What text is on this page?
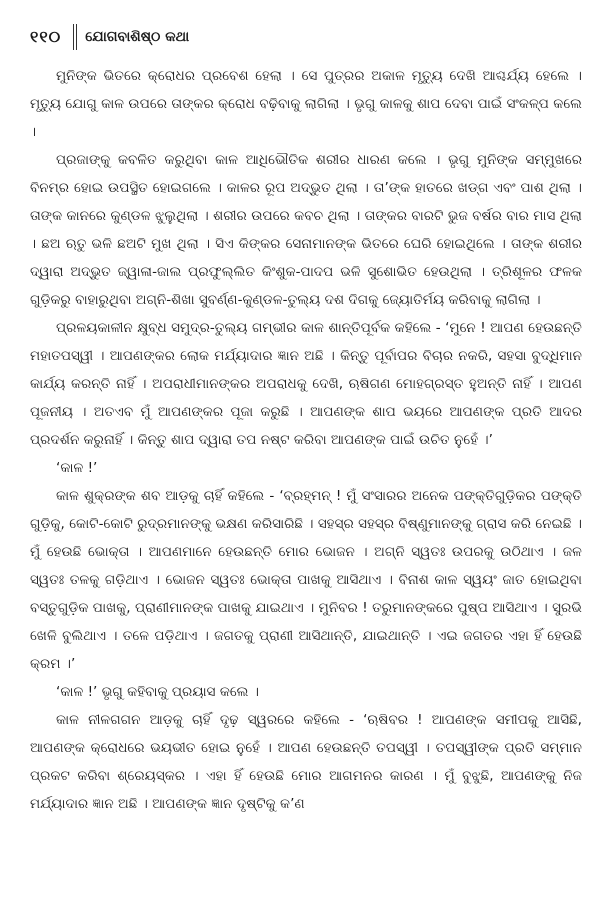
୧୧୦ ଯୋଗବାଶିଷ୍ଠ କଥା

ମୁନିଙ୍କ ଭିତରେ କ୍ରୋଧର ପ୍ରବେଶ ହେଲା । ସେ ପୁତ୍ରର ଅକାଳ ମୃତ୍ୟୁ ଦେଖି ଆଶ୍ଚର୍ଯ୍ୟ ହେଲେ । ମୃତ୍ୟୁ ଯୋଗୁ କାଳ ଉପରେ ତାଙ୍କର କ୍ରୋଧ ବଢ଼ିବାକୁ ଲାଗିଲା । ଭୃଗୁ କାଳକୁ ଶାପ ଦେବା ପାଇଁ ସଂକଳ୍ପ କଲେ ।

ପ୍ରଜାଙ୍କୁ କବଳିତ କରୁଥିବା କାଳ ଆଧିଭୌତିକ ଶରୀର ଧାରଣ କଲେ । ଭୃଗୁ ମୁନିଙ୍କ ସମ୍ମୁଖରେ ବିନମ୍ର ହୋଇ ଉପସ୍ଥିତ ହୋଇଗଲେ । କାଳର ରୂପ ଅଦ୍ଭୁତ ଥିଲା । ତା’ଙ୍କ ହାତରେ ଖଡ୍‌ଗ ଏବଂ ପାଶ ଥିଲା । ତାଙ୍କ କାନରେ କୁଣ୍ଡଳ ଝୁଲୁଥିଲା । ଶରୀର ଉପରେ କବଚ ଥିଲା । ତାଙ୍କର ବାରଟି ଭୁଜ ବର୍ଷର ବାର ମାସ ଥିଲା । ଛଅ ଋତୁ ଭଳି ଛଅଟି ମୁଖ ଥିଲା । ସିଏ କିଙ୍କର ସେନାମାନଙ୍କ ଭିତରେ ଘେରି ହୋଇଥିଲେ । ତାଙ୍କ ଶରୀର ଦ୍ୱାରା ଅଦ୍ଭୁତ ଜ୍ୱାଳା-ଜାଲ ପ୍ରଫୁଲ୍ଲିତ କିଂଶୁକ-ପାଦପ ଭଳି ସୁଶୋଭିତ ହେଉଥିଲା । ତ୍ରିଶୂଳର ଫଳକ ଗୁଡ଼ିକରୁ ବାହାରୁଥିବା ଅଗ୍ନି-ଶିଖା ସୁବର୍ଣ୍ଣ-କୁଣ୍ଡଳ-ତୁଲ୍ୟ ଦଶ ଦିଗକୁ ଜ୍ୟୋତିର୍ମୟ କରିବାକୁ ଲାଗିଲା ।

ପ୍ରଳୟକାଳୀନ କ୍ଷୁବ୍ଧ ସମୁଦ୍ର-ତୁଲ୍ୟ ଗମ୍ଭୀର କାଳ ଶାନ୍ତିପୂର୍ବକ କହିଲେ - ‘ମୁନେ ! ଆପଣ ହେଉଛନ୍ତି ମହାତପସ୍ୱୀ । ଆପଣଙ୍କର ଲୋକ ମର୍ଯ୍ୟାଦାର ଜ୍ଞାନ ଅଛି । କିନ୍ତୁ ପୂର୍ବାପର ବିଚାର ନକରି, ସହସା ବୁଦ୍ଧିମାନ କାର୍ଯ୍ୟ କରନ୍ତି ନାହିଁ । ଅପରାଧୀମାନଙ୍କର ଅପରାଧକୁ ଦେଖି, ଋଷିଗଣ ମୋହଗ୍ରସ୍ତ ହୁଅନ୍ତି ନାହିଁ । ଆପଣ ପୂଜନୀୟ । ଅତଏବ ମୁଁ ଆପଣଙ୍କର ପୂଜା କରୁଛି । ଆପଣଙ୍କ ଶାପ ଭୟରେ ଆପଣଙ୍କ ପ୍ରତି ଆଦର ପ୍ରଦର୍ଶନ କରୁନାହିଁ । କିନ୍ତୁ ଶାପ ଦ୍ୱାରା ତପ ନଷ୍ଟ କରିବା ଆପଣଙ୍କ ପାଇଁ ଉଚିତ ନୁହେଁ ।’

‘କାଳ !’

କାଳ ଶୁକ୍ରଙ୍କ ଶବ ଆଡ଼କୁ ଚାହିଁ କହିଲେ - ‘ବ୍ରହ୍ମନ୍ ! ମୁଁ ସଂସାରର ଅନେକ ପଙ୍‌କ୍ତିଗୁଡ଼ିକର ପଙ୍‌କ୍ତି ଗୁଡ଼ିକୁ, କୋଟି-କୋଟି ରୁଦ୍ରମାନଙ୍କୁ ଭକ୍ଷଣ କରିସାରିଛି । ସହସ୍ର ସହସ୍ର ବିଷ୍ଣୁମାନଙ୍କୁ ଗ୍ରାସ କରି ନେଇଛି । ମୁଁ ହେଉଛି ଭୋକ୍ତା । ଆପଣମାନେ ହେଉଛନ୍ତି ମୋର ଭୋଜନ । ଅଗ୍ନି ସ୍ୱତଃ ଉପରକୁ ଉଠିଥାଏ । ଜଳ ସ୍ୱତଃ ତଳକୁ ଗଡ଼ିଥାଏ । ଭୋଜନ ସ୍ୱତଃ ଭୋକ୍ତା ପାଖକୁ ଆସିଥାଏ । ବିନାଶ କାଳ ସ୍ୱୟଂ ଜାତ ହୋଇଥିବା ବସ୍ତୁଗୁଡ଼ିକ ପାଖକୁ, ପ୍ରାଣୀମାନଙ୍କ ପାଖକୁ ଯାଇଥାଏ । ମୁନିବର ! ତରୁମାନଙ୍କରେ ପୁଷ୍ପ ଆସିଥାଏ । ସୁରଭି ଖେଳି ବୁଲିଥାଏ । ତଳେ ପଡ଼ିଥାଏ । ଜଗତକୁ ପ୍ରାଣୀ ଆସିଥାନ୍ତି, ଯାଇଥାନ୍ତି । ଏଇ ଜଗତର ଏହା ହିଁ ହେଉଛି କ୍ରମ ।’

‘କାଳ !’ ଭୃଗୁ କହିବାକୁ ପ୍ରୟାସ କଲେ ।

କାଳ ନୀଳଗଗନ ଆଡ଼କୁ ଚାହିଁ ଦୃଢ଼ ସ୍ୱରରେ କହିଲେ - ‘ଋଷିବର ! ଆପଣଙ୍କ ସମୀପକୁ ଆସିଛି, ଆପଣଙ୍କ କ୍ରୋଧରେ ଭୟଭୀତ ହୋଇ ନୁହେଁ । ଆପଣ ହେଉଛନ୍ତି ତପସ୍ୱୀ । ତପସ୍ୱୀଙ୍କ ପ୍ରତି ସମ୍ମାନ ପ୍ରକଟ କରିବା ଶ୍ରେୟସ୍କର । ଏହା ହିଁ ହେଉଛି ମୋର ଆଗମନର କାରଣ । ମୁଁ ବୁଝୁଛି, ଆପଣଙ୍କୁ ନିଜ ମର୍ଯ୍ୟାଦାର ଜ୍ଞାନ ଅଛି । ଆପଣଙ୍କ ଜ୍ଞାନ ଦୃଷ୍ଟିକୁ କ’ଣ
